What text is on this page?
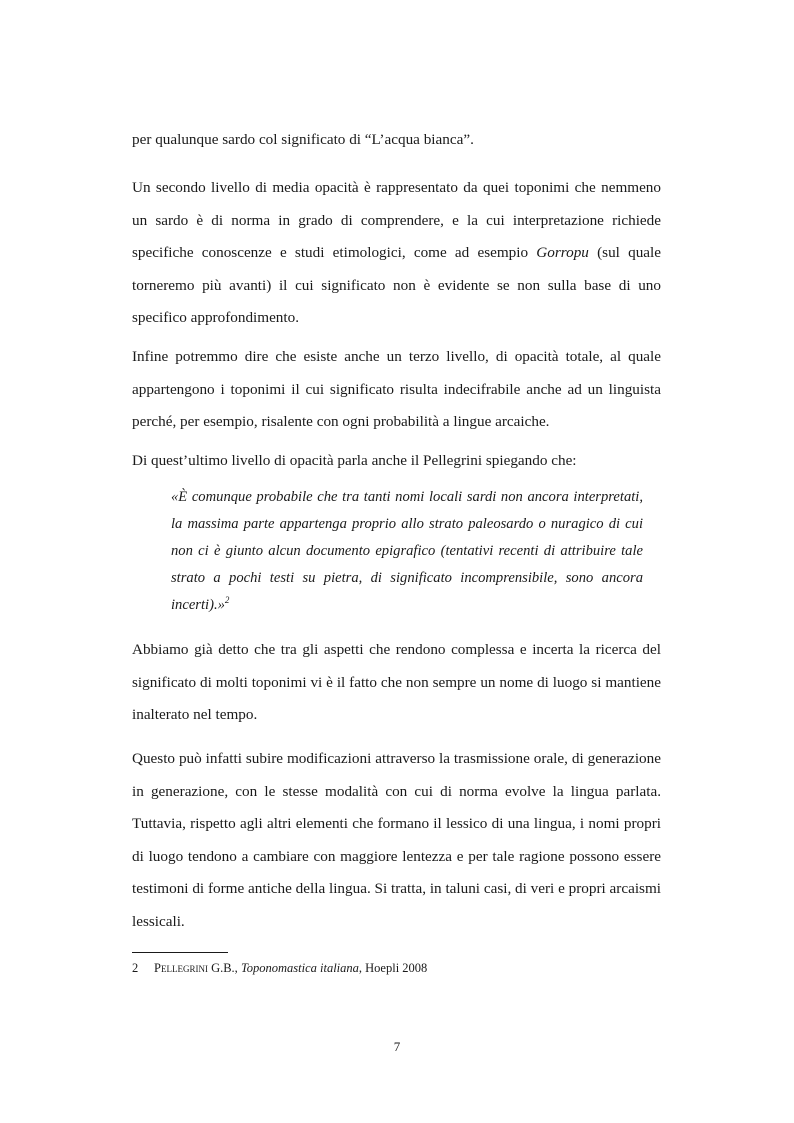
per qualunque sardo col significato di “L’acqua bianca”.

Un secondo livello di media opacità è rappresentato da quei toponimi che nemmeno un sardo è di norma in grado di comprendere, e la cui interpretazione richiede specifiche conoscenze e studi etimologici, come ad esempio Gorropu (sul quale torneremo più avanti) il cui significato non è evidente se non sulla base di uno specifico approfondimento.

Infine potremmo dire che esiste anche un terzo livello, di opacità totale, al quale appartengono i toponimi il cui significato risulta indecifrabile anche ad un linguista perché, per esempio, risalente con ogni probabilità a lingue arcaiche.

Di quest’ultimo livello di opacità parla anche il Pellegrini spiegando che:

«È comunque probabile che tra tanti nomi locali sardi non ancora interpretati, la massima parte appartenga proprio allo strato paleosardo o nuragico di cui non ci è giunto alcun documento epigrafico (tentativi recenti di attribuire tale strato a pochi testi su pietra, di significato incomprensibile, sono ancora incerti).»$^2$

Abbiamo già detto che tra gli aspetti che rendono complessa e incerta la ricerca del significato di molti toponimi vi è il fatto che non sempre un nome di luogo si mantiene inalterato nel tempo.

Questo può infatti subire modificazioni attraverso la trasmissione orale, di generazione in generazione, con le stesse modalità con cui di norma evolve la lingua parlata. Tuttavia, rispetto agli altri elementi che formano il lessico di una lingua, i nomi propri di luogo tendono a cambiare con maggiore lentezza e per tale ragione possono essere testimoni di forme antiche della lingua. Si tratta, in taluni casi, di veri e propri arcaismi lessicali.

2 Pellegrini G.B., Toponomastica italiana, Hoepli 2008

7
